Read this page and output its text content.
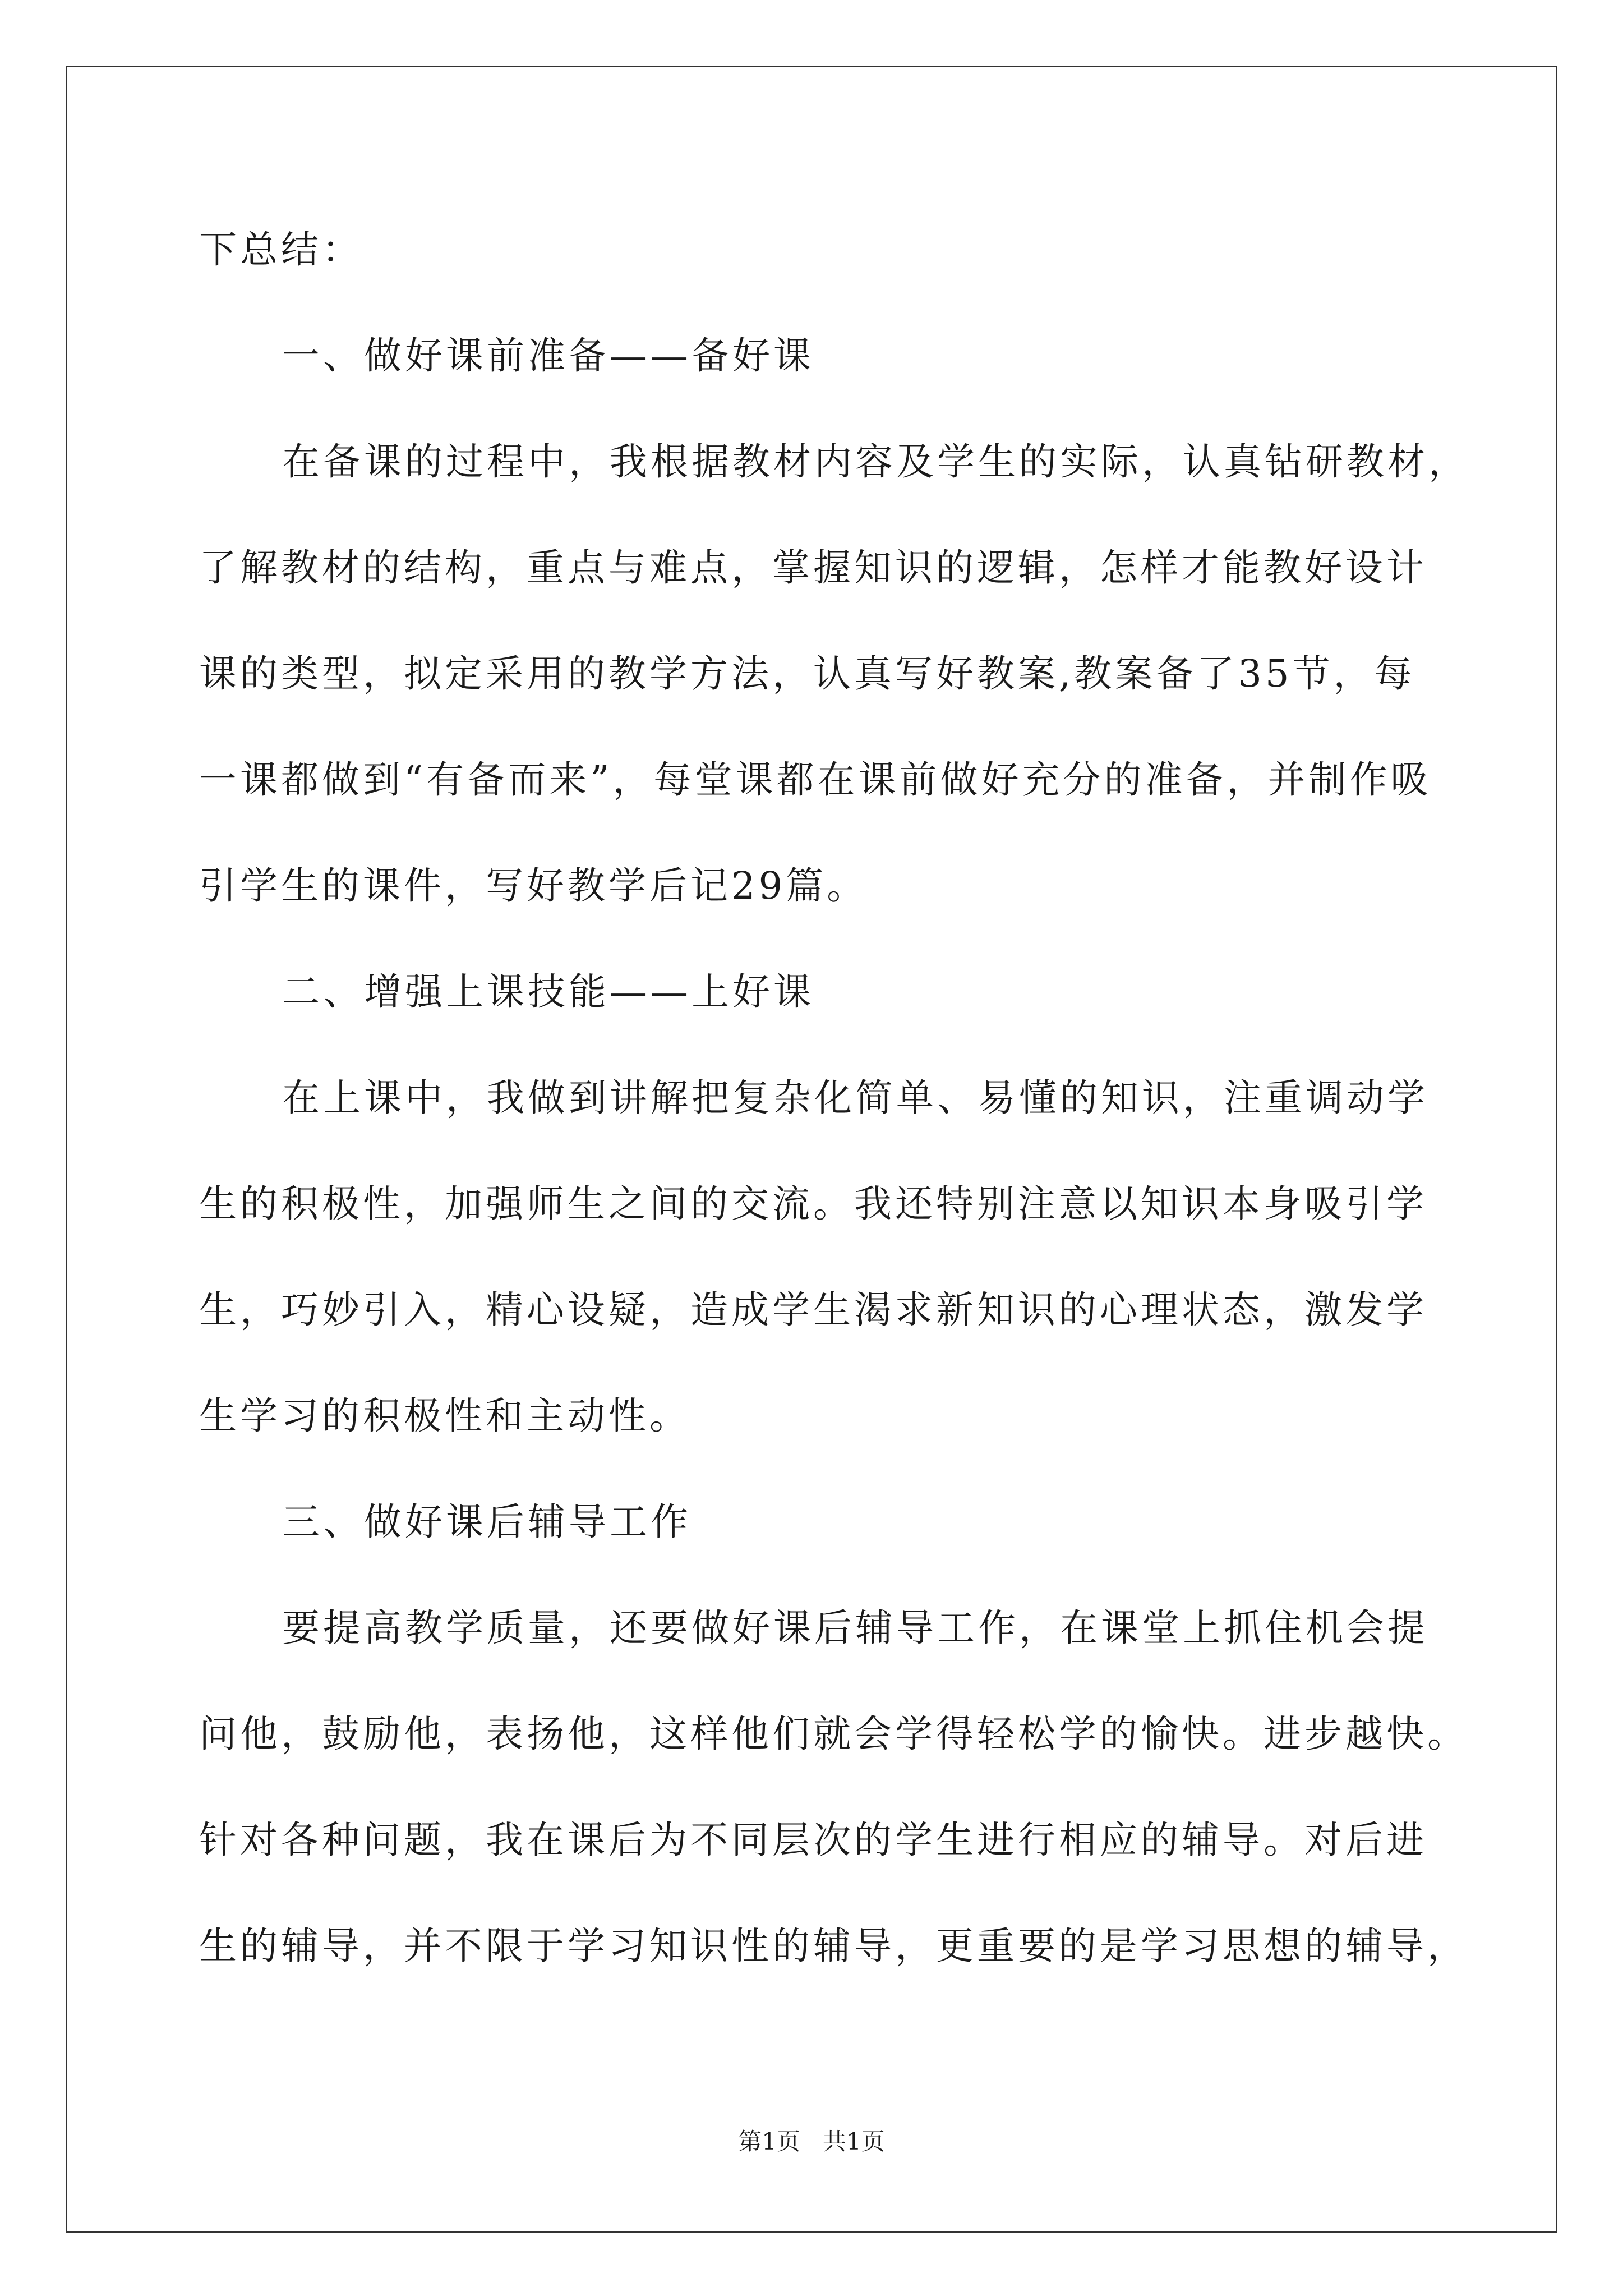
下总结：
一、做好课前准备——备好课
在备课的过程中，我根据教材内容及学生的实际，认真钻研教材，
了解教材的结构，重点与难点，掌握知识的逻辑，怎样才能教好设计
课的类型，拟定采用的教学方法，认真写好教案,教案备了35节，每
一课都做到“有备而来”，每堂课都在课前做好充分的准备，并制作吸
引学生的课件，写好教学后记29篇。
二、增强上课技能——上好课
在上课中，我做到讲解把复杂化简单、易懂的知识，注重调动学
生的积极性，加强师生之间的交流。我还特别注意以知识本身吸引学
生，巧妙引入，精心设疑，造成学生渴求新知识的心理状态，激发学
生学习的积极性和主动性。
三、做好课后辅导工作
要提高教学质量，还要做好课后辅导工作，在课堂上抓住机会提
问他，鼓励他，表扬他，这样他们就会学得轻松学的愉快。进步越快。
针对各种问题，我在课后为不同层次的学生进行相应的辅导。对后进
生的辅导，并不限于学习知识性的辅导，更重要的是学习思想的辅导，
第1页   共1页
